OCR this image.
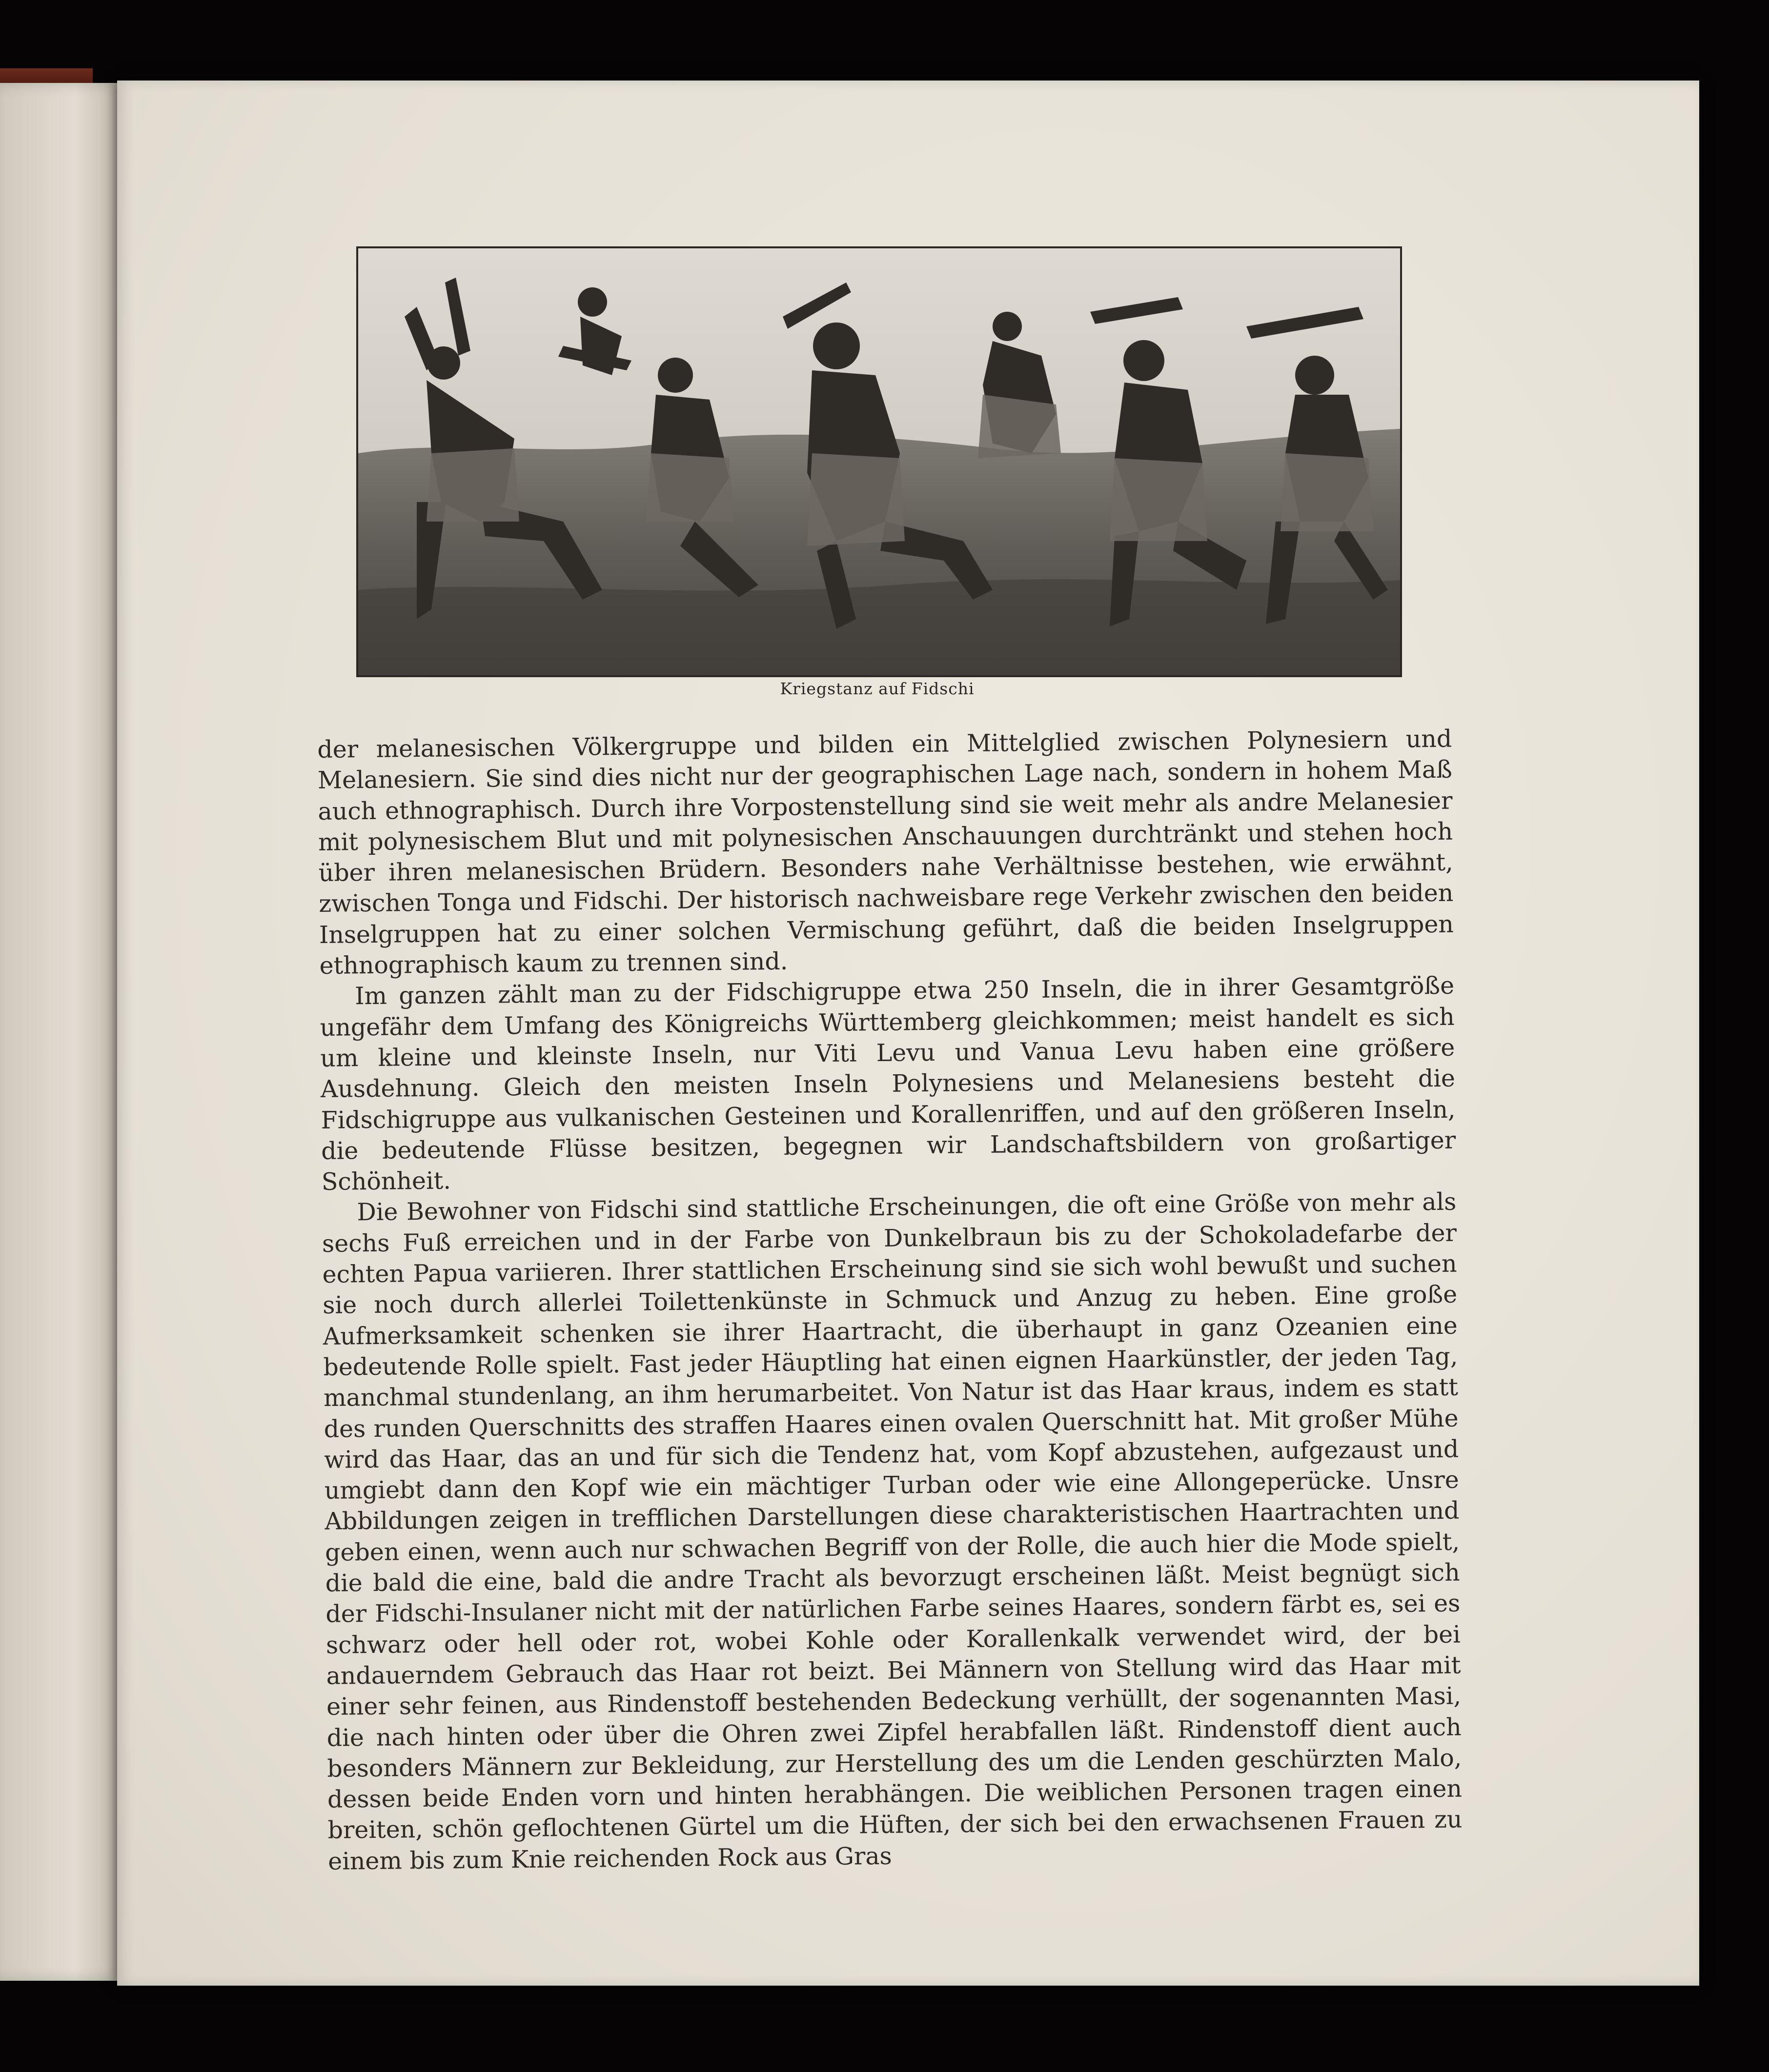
Kriegstanz auf Fidschi

der melanesischen Völkergruppe und bilden ein Mittelglied zwischen Polynesiern und Melanesiern. Sie sind dies nicht nur der geographischen Lage nach, sondern in hohem Maß auch ethnographisch. Durch ihre Vorpostenstellung sind sie weit mehr als andre Melanesier mit polynesischem Blut und mit polynesischen Anschauungen durchtränkt und stehen hoch über ihren melanesischen Brüdern. Besonders nahe Verhältnisse bestehen, wie erwähnt, zwischen Tonga und Fidschi. Der historisch nachweisbare rege Verkehr zwischen den beiden Inselgruppen hat zu einer solchen Vermischung geführt, daß die beiden Inselgruppen ethnographisch kaum zu trennen sind.

Im ganzen zählt man zu der Fidschigruppe etwa 250 Inseln, die in ihrer Gesamtgröße ungefähr dem Umfang des Königreichs Württemberg gleichkommen; meist handelt es sich um kleine und kleinste Inseln, nur Viti Levu und Vanua Levu haben eine größere Ausdehnung. Gleich den meisten Inseln Polynesiens und Melanesiens besteht die Fidschigruppe aus vulkanischen Gesteinen und Korallenriffen, und auf den größeren Inseln, die bedeutende Flüsse besitzen, begegnen wir Landschaftsbildern von großartiger Schönheit.

Die Bewohner von Fidschi sind stattliche Erscheinungen, die oft eine Größe von mehr als sechs Fuß erreichen und in der Farbe von Dunkelbraun bis zu der Schokoladefarbe der echten Papua variieren. Ihrer stattlichen Erscheinung sind sie sich wohl bewußt und suchen sie noch durch allerlei Toilettenkünste in Schmuck und Anzug zu heben. Eine große Aufmerksamkeit schenken sie ihrer Haartracht, die überhaupt in ganz Ozeanien eine bedeutende Rolle spielt. Fast jeder Häuptling hat einen eignen Haarkünstler, der jeden Tag, manchmal stundenlang, an ihm herumarbeitet. Von Natur ist das Haar kraus, indem es statt des runden Querschnitts des straffen Haares einen ovalen Querschnitt hat. Mit großer Mühe wird das Haar, das an und für sich die Tendenz hat, vom Kopf abzustehen, aufgezaust und umgiebt dann den Kopf wie ein mächtiger Turban oder wie eine Allongeperücke. Unsre Abbildungen zeigen in trefflichen Darstellungen diese charakteristischen Haartrachten und geben einen, wenn auch nur schwachen Begriff von der Rolle, die auch hier die Mode spielt, die bald die eine, bald die andre Tracht als bevorzugt erscheinen läßt. Meist begnügt sich der Fidschi-Insulaner nicht mit der natürlichen Farbe seines Haares, sondern färbt es, sei es schwarz oder hell oder rot, wobei Kohle oder Korallenkalk verwendet wird, der bei andauerndem Gebrauch das Haar rot beizt. Bei Männern von Stellung wird das Haar mit einer sehr feinen, aus Rindenstoff bestehenden Bedeckung verhüllt, der sogenannten Masi, die nach hinten oder über die Ohren zwei Zipfel herabfallen läßt. Rindenstoff dient auch besonders Männern zur Bekleidung, zur Herstellung des um die Lenden geschürzten Malo, dessen beide Enden vorn und hinten herabhängen. Die weiblichen Personen tragen einen breiten, schön geflochtenen Gürtel um die Hüften, der sich bei den erwachsenen Frauen zu einem bis zum Knie reichenden Rock aus Gras
